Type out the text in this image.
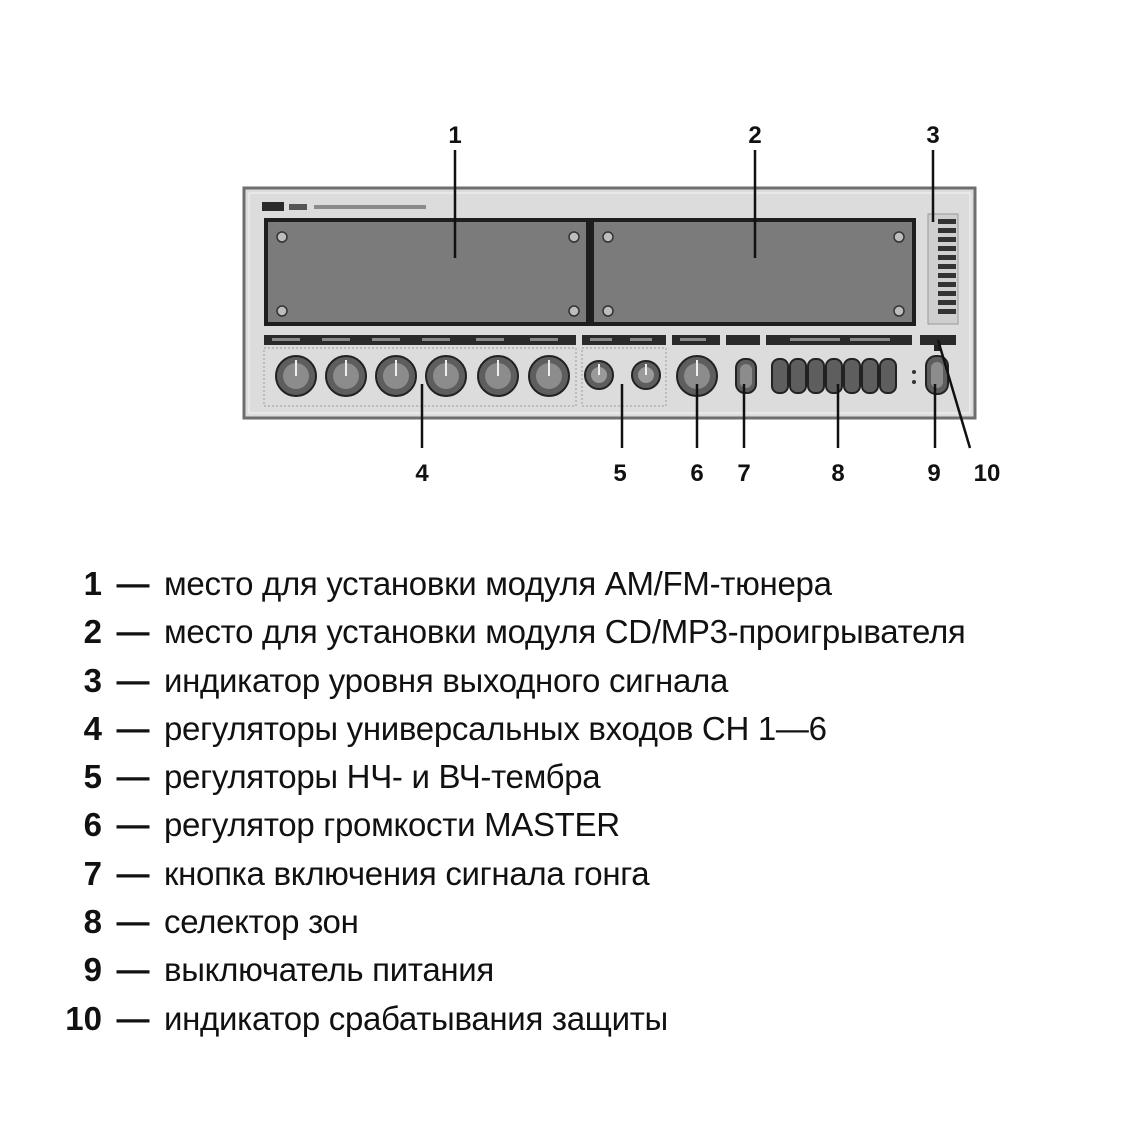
1	2	3
4	5	6 7	8	9 10
1 — место для установки модуля AM/FM-тюнера
2 — место для установки модуля CD/MP3-проигрывателя
3 — индикатор уровня выходного сигнала
4 — регуляторы универсальных входов CH 1—6
5 — регуляторы НЧ- и ВЧ-тембра
6 — регулятор громкости MASTER
7 — кнопка включения сигнала гонга
8 — селектор зон
9 — выключатель питания
10 — индикатор срабатывания защиты
